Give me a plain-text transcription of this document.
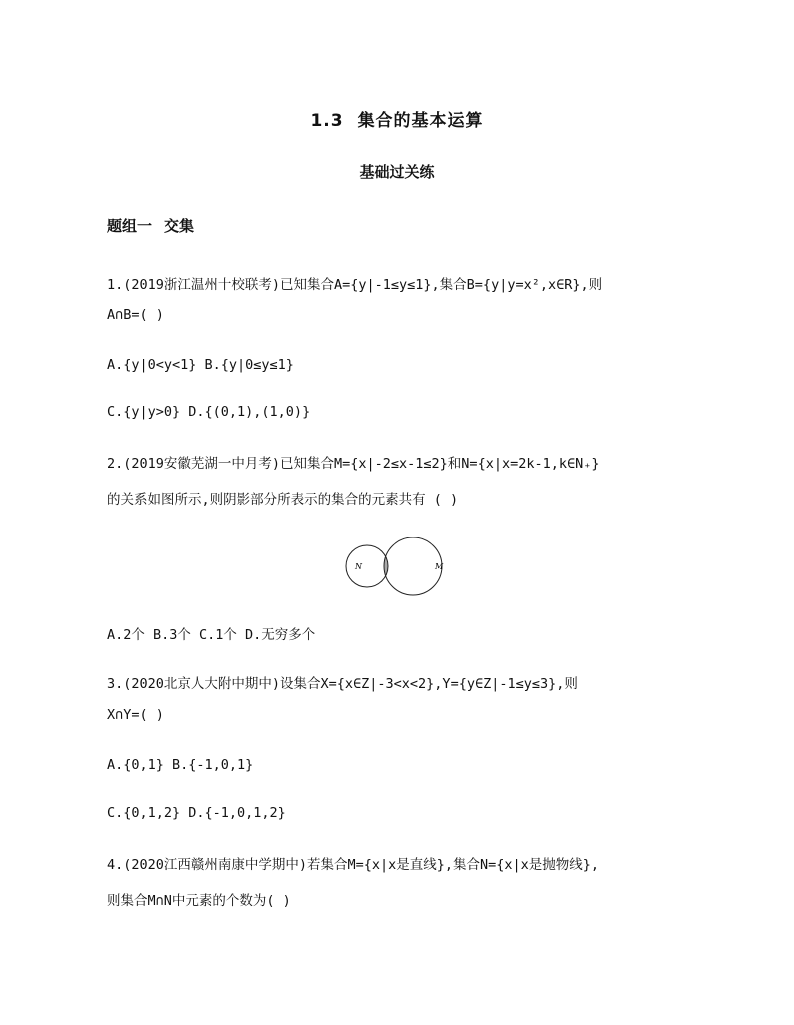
1.3 集合的基本运算
基础过关练
题组一 交集
1.(2019浙江温州十校联考)已知集合A={y|-1≤y≤1},集合B={y|y=x²,x∈R},则
A∩B=( )
A.{y|0<y<1} B.{y|0≤y≤1}
C.{y|y>0} D.{(0,1),(1,0)}
2.(2019安徽芜湖一中月考)已知集合M={x|-2≤x-1≤2}和N={x|x=2k-1,k∈N₊}
的关系如图所示,则阴影部分所表示的集合的元素共有 ( )
N	M
A.2个 B.3个 C.1个 D.无穷多个
3.(2020北京人大附中期中)设集合X={x∈Z|-3<x<2},Y={y∈Z|-1≤y≤3},则
X∩Y=( )
A.{0,1} B.{-1,0,1}
C.{0,1,2} D.{-1,0,1,2}
4.(2020江西赣州南康中学期中)若集合M={x|x是直线},集合N={x|x是抛物线},
则集合M∩N中元素的个数为( )
